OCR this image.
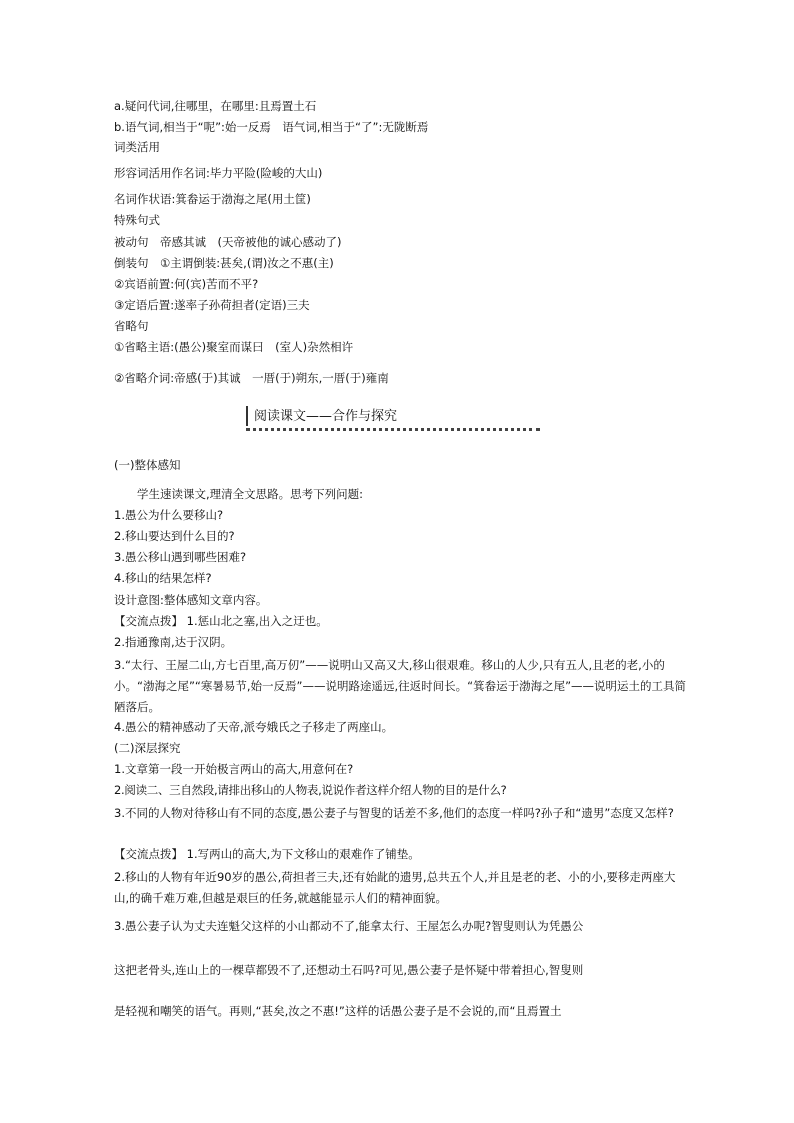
a.疑问代词,往哪里，在哪里:且焉置土石
b.语气词,相当于“呢”:始一反焉　语气词,相当于“了”:无陇断焉
词类活用
形容词活用作名词:毕力平险(险峻的大山)
名词作状语:箕畚运于渤海之尾(用土筐)
特殊句式
被动句　帝感其诚　(天帝被他的诚心感动了)
倒装句　①主谓倒装:甚矣,(谓)汝之不惠(主)
②宾语前置:何(宾)苦而不平?
③定语后置:遂率子孙荷担者(定语)三夫
省略句
①省略主语:(愚公)聚室而谋曰　(室人)杂然相许
②省略介词:帝感(于)其诚　一厝(于)朔东,一厝(于)雍南
阅读课文——合作与探究
(一)整体感知
　　学生速读课文,理清全文思路。思考下列问题:
1.愚公为什么要移山?
2.移山要达到什么目的?
3.愚公移山遇到哪些困难?
4.移山的结果怎样?
设计意图:整体感知文章内容。
【交流点拨】 1.惩山北之塞,出入之迂也。
2.指通豫南,达于汉阴。
3.“太行、王屋二山,方七百里,高万仞”——说明山又高又大,移山很艰难。移山的人少,只有五人,且老的老,小的小。“渤海之尾”“寒暑易节,始一反焉”——说明路途遥远,往返时间长。“箕畚运于渤海之尾”——说明运土的工具简陋落后。
4.愚公的精神感动了天帝,派夸娥氏之子移走了两座山。
(二)深层探究
1.文章第一段一开始极言两山的高大,用意何在?
2.阅读二、三自然段,请排出移山的人物表,说说作者这样介绍人物的目的是什么?
3.不同的人物对待移山有不同的态度,愚公妻子与智叟的话差不多,他们的态度一样吗?孙子和“遗男”态度又怎样?
【交流点拨】 1.写两山的高大,为下文移山的艰难作了铺垫。
2.移山的人物有年近90岁的愚公,荷担者三夫,还有始龀的遗男,总共五个人,并且是老的老、小的小,要移走两座大山,的确千难万难,但越是艰巨的任务,就越能显示人们的精神面貌。
3.愚公妻子认为丈夫连魁父这样的小山都动不了,能拿太行、王屋怎么办呢?智叟则认为凭愚公
这把老骨头,连山上的一棵草都毁不了,还想动土石吗?可见,愚公妻子是怀疑中带着担心,智叟则
是轻视和嘲笑的语气。再则,“甚矣,汝之不惠!”这样的话愚公妻子是不会说的,而“且焉置土
